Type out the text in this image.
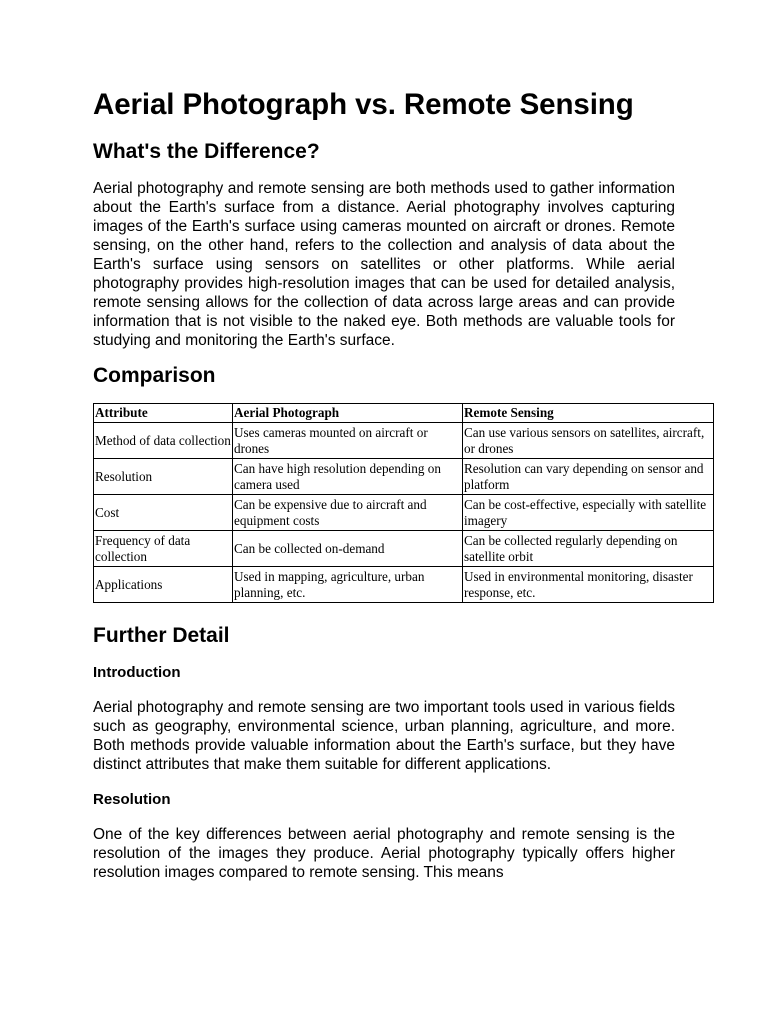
Aerial Photograph vs. Remote Sensing
What's the Difference?

Aerial photography and remote sensing are both methods used to gather information about the Earth's surface from a distance. Aerial photography involves capturing images of the Earth's surface using cameras mounted on aircraft or drones. Remote sensing, on the other hand, refers to the collection and analysis of data about the Earth's surface using sensors on satellites or other platforms. While aerial photography provides high-resolution images that can be used for detailed analysis, remote sensing allows for the collection of data across large areas and can provide information that is not visible to the naked eye. Both methods are valuable tools for studying and monitoring the Earth's surface.

Comparison
Attribute	Aerial Photograph	Remote Sensing
Method of data collection	Uses cameras mounted on aircraft or drones	Can use various sensors on satellites, aircraft, or drones
Resolution	Can have high resolution depending on camera used	Resolution can vary depending on sensor and platform
Cost	Can be expensive due to aircraft and equipment costs	Can be cost-effective, especially with satellite imagery
Frequency of data collection	Can be collected on-demand	Can be collected regularly depending on satellite orbit
Applications	Used in mapping, agriculture, urban planning, etc.	Used in environmental monitoring, disaster response, etc.
Further Detail
Introduction

Aerial photography and remote sensing are two important tools used in various fields such as geography, environmental science, urban planning, agriculture, and more. Both methods provide valuable information about the Earth's surface, but they have distinct attributes that make them suitable for different applications.

Resolution

One of the key differences between aerial photography and remote sensing is the resolution of the images they produce. Aerial photography typically offers higher resolution images compared to remote sensing. This means
